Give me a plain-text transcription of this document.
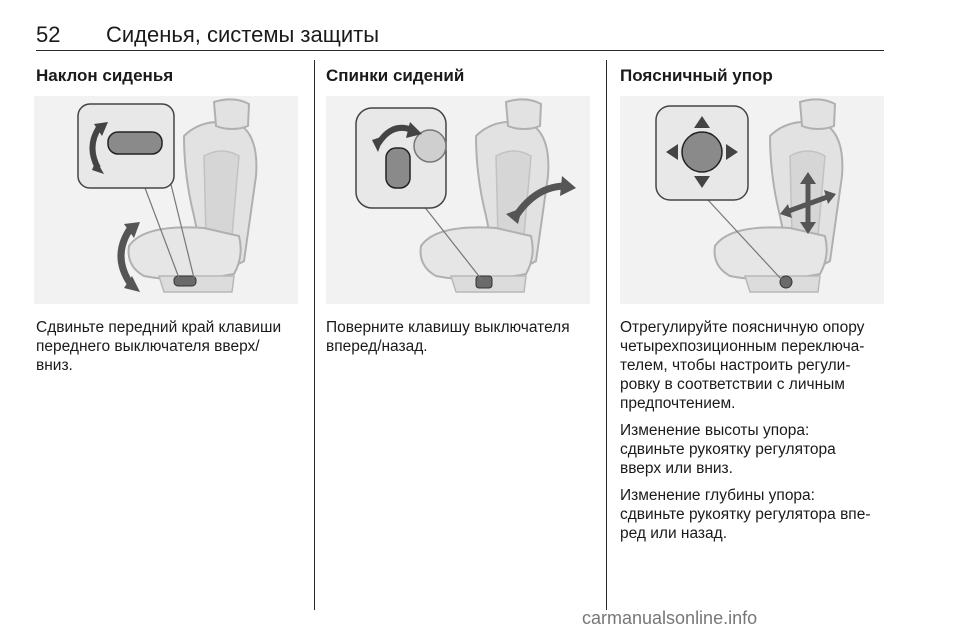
52 Сиденья, системы защиты
Наклон сиденья

Сдвиньте передний край клавиши
переднего выключателя вверх/
вниз.

Спинки сидений

Поверните клавишу выключателя
вперед/назад.

Поясничный упор

Отрегулируйте поясничную опору
четырехпозиционным переключа-
телем, чтобы настроить регули-
ровку в соответствии с личным
предпочтением.

Изменение высоты упора:
сдвиньте рукоятку регулятора
вверх или вниз.

Изменение глубины упора:
сдвиньте рукоятку регулятора впе-
ред или назад.

carmanualsonline.info
